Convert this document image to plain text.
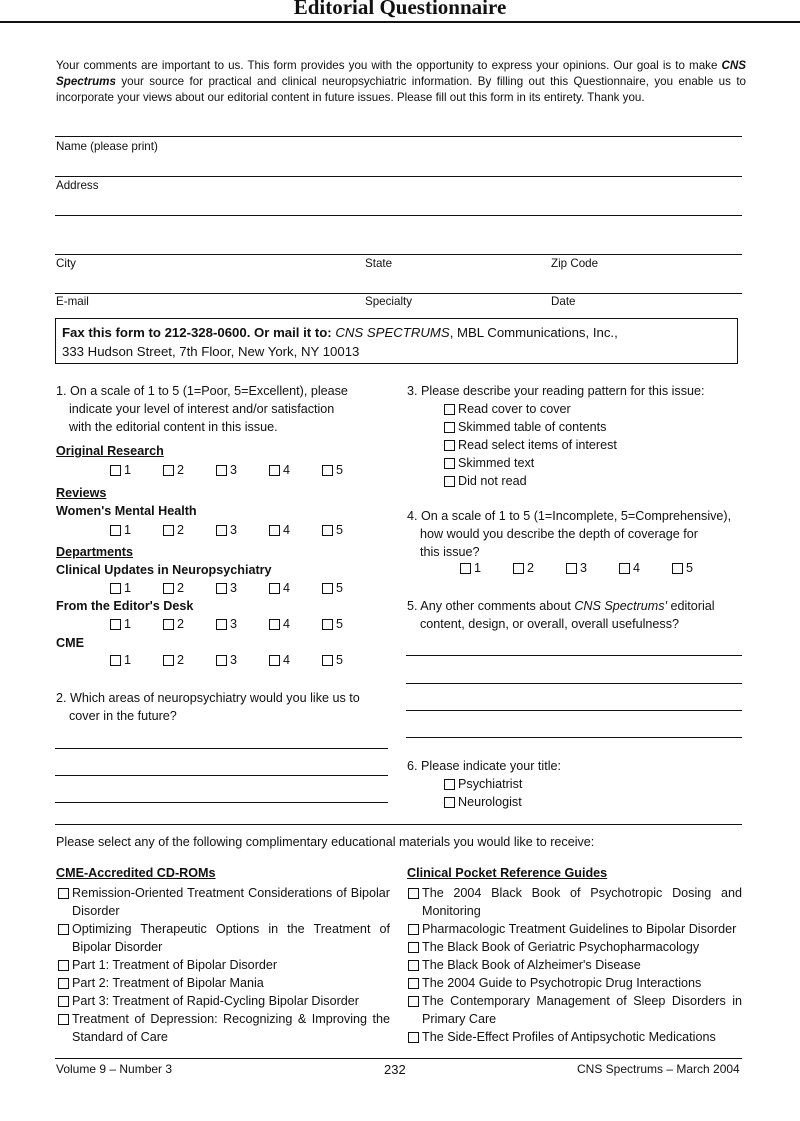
Editorial Questionnaire
Your comments are important to us. This form provides you with the opportunity to express your opinions. Our goal is to make CNS Spectrums your source for practical and clinical neuropsychiatric information. By filling out this Questionnaire, you enable us to incorporate your views about our editorial content in future issues. Please fill out this form in its entirety. Thank you.
Name (please print)
Address
City	State	Zip Code
E-mail	Specialty	Date
Fax this form to 212-328-0600. Or mail it to: CNS SPECTRUMS, MBL Communications, Inc.,
333 Hudson Street, 7th Floor, New York, NY 10013
1. On a scale of 1 to 5 (1=Poor, 5=Excellent), please
indicate your level of interest and/or satisfaction
with the editorial content in this issue.
Original Research
1	2	3	4	5
Reviews
Women's Mental Health
1	2	3	4	5
Departments
Clinical Updates in Neuropsychiatry
1	2	3	4	5
From the Editor's Desk
1	2	3	4	5
CME
1	2	3	4	5
2. Which areas of neuropsychiatry would you like us to
cover in the future?
3. Please describe your reading pattern for this issue:
Read cover to cover
Skimmed table of contents
Read select items of interest
Skimmed text
Did not read
4. On a scale of 1 to 5 (1=Incomplete, 5=Comprehensive),
how would you describe the depth of coverage for
this issue?
1	2	3	4	5
5. Any other comments about CNS Spectrums' editorial
content, design, or overall, overall usefulness?
6. Please indicate your title:
Psychiatrist
Neurologist
Please select any of the following complimentary educational materials you would like to receive:
CME-Accredited CD-ROMs
Remission-Oriented Treatment Considerations of Bipolar Disorder
Optimizing Therapeutic Options in the Treatment of Bipolar Disorder
Part 1: Treatment of Bipolar Disorder
Part 2: Treatment of Bipolar Mania
Part 3: Treatment of Rapid-Cycling Bipolar Disorder
Treatment of Depression: Recognizing & Improving the Standard of Care
Clinical Pocket Reference Guides
The 2004 Black Book of Psychotropic Dosing and Monitoring
Pharmacologic Treatment Guidelines to Bipolar Disorder
The Black Book of Geriatric Psychopharmacology
The Black Book of Alzheimer's Disease
The 2004 Guide to Psychotropic Drug Interactions
The Contemporary Management of Sleep Disorders in Primary Care
The Side-Effect Profiles of Antipsychotic Medications
Volume 9 – Number 3	232	CNS Spectrums – March 2004
